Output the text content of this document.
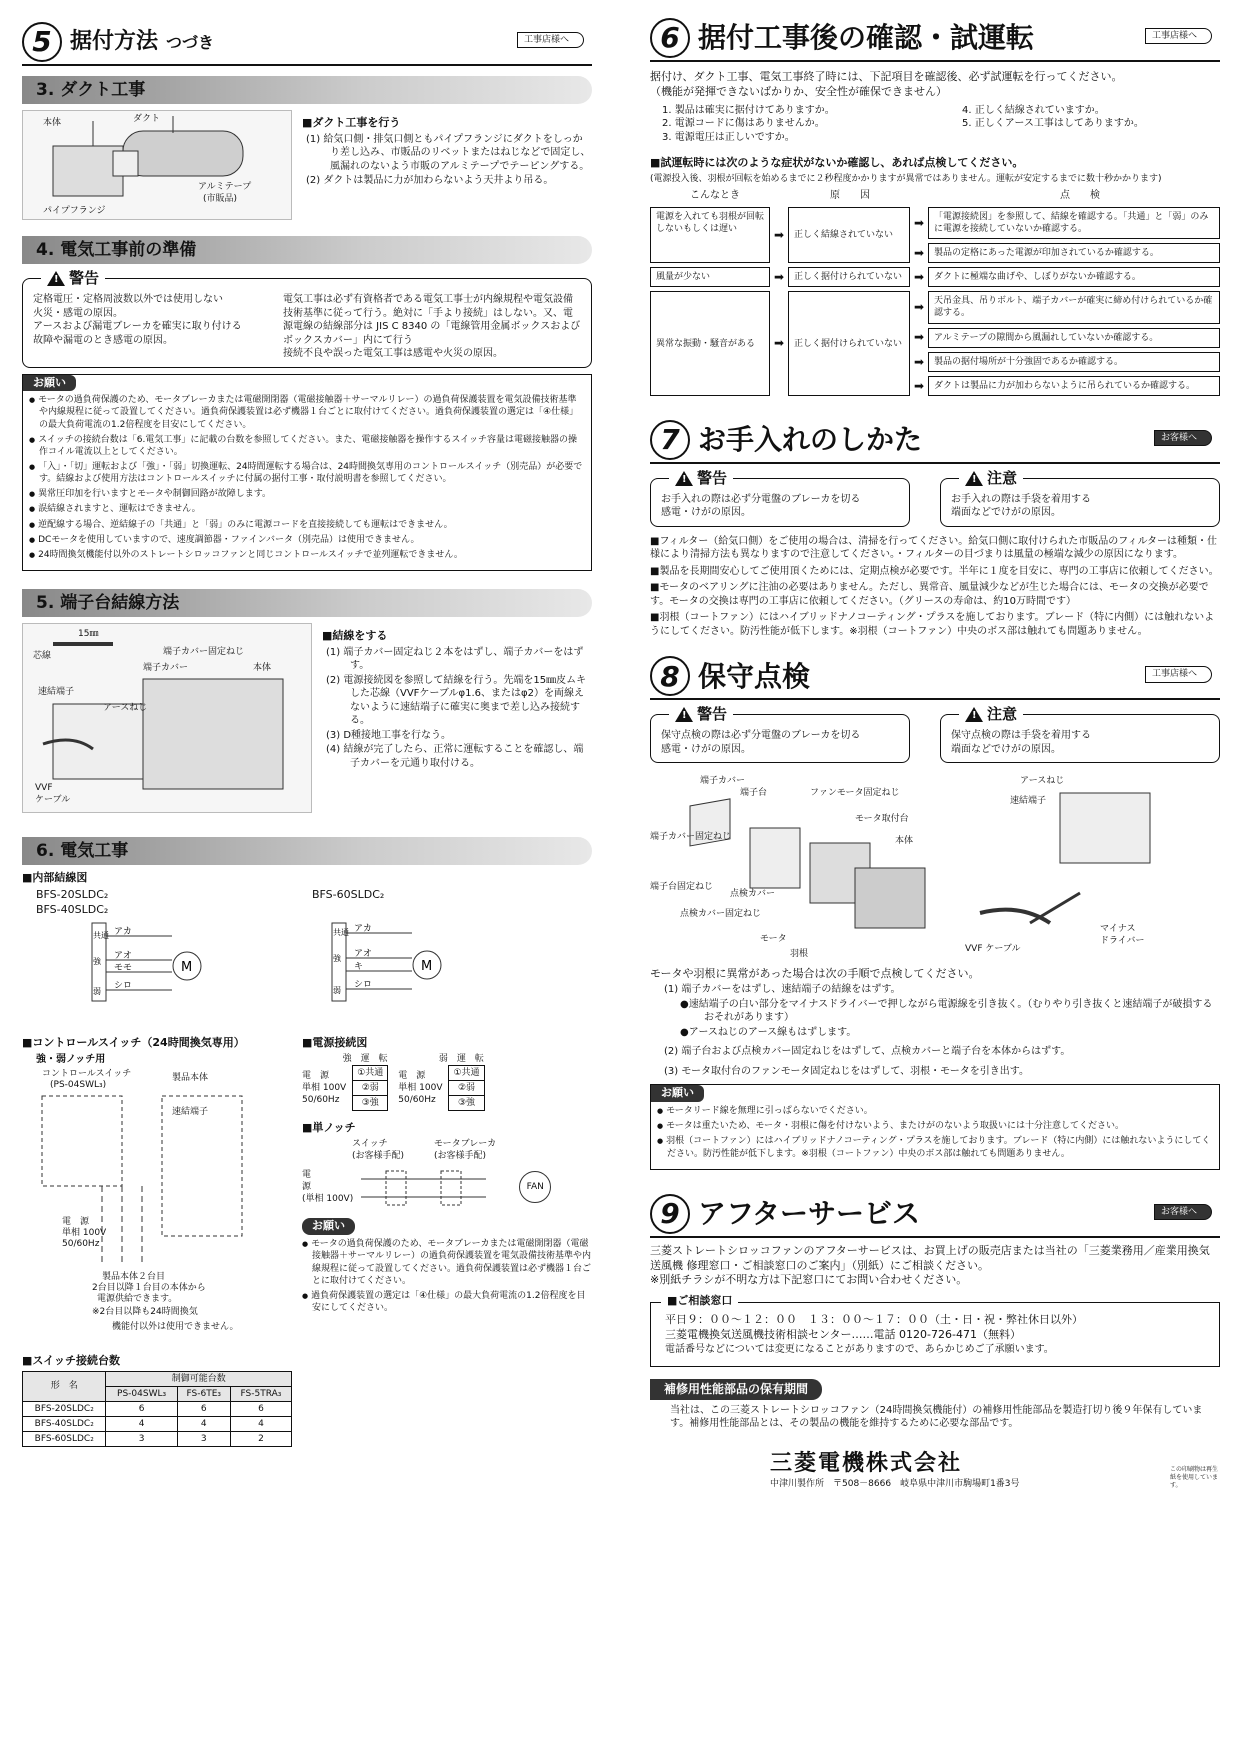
5 据付方法 つづき	工事店様へ
3. ダクト工事
本体	ダクト
アルミテープ
(市販品)
パイプフランジ
■ダクト工事を行う
(1) 給気口側・排気口側ともパイプフランジにダクトをしっかり差し込み、市販品のリベットまたはねじなどで固定し、風漏れのないよう市販のアルミテープでテーピングする。
(2) ダクトは製品に力が加わらないよう天井より吊る。
4. 電気工事前の準備
!
警告
定格電圧・定格周波数以外では使用しない
火災・感電の原因。
アースおよび漏電ブレーカを確実に取り付ける
故障や漏電のとき感電の原因。
電気工事は必ず有資格者である電気工事士が内線規程や電気設備技術基準に従って行う。絶対に「手より接続」はしない。又、電源電線の結線部分は JIS C 8340 の「電線管用金属ボックスおよびボックスカバー」内にて行う
接続不良や誤った電気工事は感電や火災の原因。
お願い
● モータの過負荷保護のため、モータブレーカまたは電磁開閉器（電磁接触器＋サーマルリレー）の過負荷保護装置を電気設備技術基準や内線規程に従って設置してください。過負荷保護装置は必ず機器１台ごとに取付けてください。過負荷保護装置の選定は「④仕様」の最大負荷電流の1.2倍程度を目安にしてください。
● スイッチの接続台数は「6.電気工事」に記載の台数を参照してください。また、電磁接触器を操作するスイッチ容量は電磁接触器の操作コイル電流以上としてください。
● 「入」・「切」運転および「強」・「弱」切換運転、24時間運転する場合は、24時間換気専用のコントロールスイッチ（別売品）が必要です。結線および使用方法はコントロールスイッチに付属の据付工事・取付説明書を参照してください。
● 異常圧印加を行いますとモータや制御回路が故障します。
● 誤結線されますと、運転はできません。
● 逆配線する場合、逆結線子の「共通」と「弱」のみに電源コードを直接接続しても運転はできません。
● DCモータを使用していますので、速度調節器・ファインバータ（別売品）は使用できません。
● 24時間換気機能付以外のストレートシロッコファンと同じコントロールスイッチで並列運転できません。
5. 端子台結線方法
15㎜
芯線	端子カバー固定ねじ
端子カバー	本体
速結端子
アースねじ
VVF
ケーブル
■結線をする
(1) 端子カバー固定ねじ２本をはずし、端子カバーをはずす。
(2) 電源接続図を参照して結線を行う。先端を15㎜皮ムキした芯線（VVFケーブルφ1.6、またはφ2）を両線えないように速結端子に確実に奥まで差し込み接続する。
(3) D種接地工事を行なう。
(4) 結線が完了したら、正常に運転することを確認し、端子カバーを元通り取付ける。
6. 電気工事
■内部結線図
BFS-20SLDC₂
BFS-40SLDC₂
共通
強
弱
アカ
アオ
モモ
シロ
M
BFS-60SLDC₂
共通
強
弱
アカ
アオ
キ
シロ
M
■コントロールスイッチ（24時間換気専用）
強・弱ノッチ用
コントロールスイッチ
(PS-04SWL₃)
製品本体
速結端子
電　源
単相 100V
50/60Hz
製品本体２台目
2台目以降１台目の本体から
電源供給できます。
※2台目以降も24時間換気
機能付以外は使用できません。
■電源接続図
強　運　転
電　源
単相 100V
50/60Hz
①共通
②弱
③強
弱　運　転
電　源
単相 100V
50/60Hz
①共通
②弱
③強
■単ノッチ
スイッチ
(お客様手配)
モータブレーカ
(お客様手配)
電
源
(単相 100V)
FAN
お願い
● モータの過負荷保護のため、モータブレーカまたは電磁開閉器（電磁接触器＋サーマルリレー）の過負荷保護装置を電気設備技術基準や内線規程に従って設置してください。過負荷保護装置は必ず機器１台ごとに取付けてください。
● 過負荷保護装置の選定は「④仕様」の最大負荷電流の1.2倍程度を目安にしてください。
■スイッチ接続台数
形　名	制御可能台数		
	PS-04SWL₃	FS-6TE₃	FS-5TRA₃
BFS-20SLDC₂	6	6	6
BFS-40SLDC₂	4	4	4
BFS-60SLDC₂	3	3	2
6 据付工事後の確認・試運転	工事店様へ
据付け、ダクト工事、電気工事終了時には、下記項目を確認後、必ず試運転を行ってください。
（機能が発揮できないばかりか、安全性が確保できません）
1. 製品は確実に据付けてありますか。	4. 正しく結線されていますか。
2. 電源コードに傷はありませんか。	5. 正しくアース工事はしてありますか。
3. 電源電圧は正しいですか。
■試運転時には次のような症状がないか確認し、あれば点検してください。
(電源投入後、羽根が回転を始めるまでに２秒程度かかりますが異常ではありません。運転が安定するまでに数十秒かかります)
こんなとき	原　　因	点　　検
電源を入れても羽根が回転しないもしくは遅い	➡	正しく結線されていない
➡	「電源接続図」を参照して、結線を確認する。「共通」と「弱」のみに電源を接続していないか確認する。
➡	製品の定格にあった電源が印加されているか確認する。
風量が少ない	➡	正しく据付けられていない ➡	ダクトに極端な曲げや、しぼりがないか確認する。
異常な振動・騒音がある	➡	正しく据付けられていない
➡	天吊金具、吊りボルト、端子カバーが確実に締め付けられているか確認する。
➡	アルミテープの隙間から風漏れしていないか確認する。
➡	製品の据付場所が十分強固であるか確認する。
➡	ダクトは製品に力が加わらないように吊られているか確認する。
7 お手入れのしかた	お客様へ
!
警告
お手入れの際は必ず分電盤のブレーカを切る
感電・けがの原因。
!
注意
お手入れの際は手袋を着用する
端面などでけがの原因。
■フィルター（給気口側）をご使用の場合は、清掃を行ってください。給気口側に取付けられた市販品のフィルターは種類・仕様により清掃方法も異なりますので注意してください。・フィルターの目づまりは風量の極端な減少の原因になります。
■製品を長期間安心してご使用頂くためには、定期点検が必要です。半年に１度を目安に、専門の工事店に依頼してください。
■モータのベアリングに注油の必要はありません。ただし、異常音、風量減少などが生じた場合には、モータの交換が必要です。モータの交換は専門の工事店に依頼してください。（グリースの寿命は、約10万時間です）
■羽根（コートファン）にはハイブリッドナノコーティング・プラスを施しております。ブレード（特に内側）には触れないようにしてください。防汚性能が低下します。※羽根（コートファン）中央のボス部は触れても問題ありません。
8 保守点検	工事店様へ
!
警告
保守点検の際は必ず分電盤のブレーカを切る
感電・けがの原因。
!
注意
保守点検の際は手袋を着用する
端面などでけがの原因。
端子カバー
端子台
端子カバー固定ねじ
端子台固定ねじ
ファンモータ固定ねじ
モータ取付台
本体
点検カバー
点検カバー固定ねじ
モータ
羽根
アースねじ
速結端子
VVF ケーブル
マイナス
ドライバー
モータや羽根に異常があった場合は次の手順で点検してください。
(1) 端子カバーをはずし、速結端子の結線をはずす。
●速結端子の白い部分をマイナスドライバーで押しながら電源線を引き抜く。（むりやり引き抜くと速結端子が破損するおそれがあります）
●アースねじのアース線もはずします。
(2) 端子台および点検カバー固定ねじをはずして、点検カバーと端子台を本体からはずす。
(3) モータ取付台のファンモータ固定ねじをはずして、羽根・モータを引き出す。
お願い
● モータリード線を無理に引っぱらないでください。
● モータは重たいため、モータ・羽根に傷を付けないよう、またけがのないよう取扱いには十分注意してください。
● 羽根（コートファン）にはハイブリッドナノコーティング・プラスを施しております。ブレード（特に内側）には触れないようにしてください。防汚性能が低下します。※羽根（コートファン）中央のボス部は触れても問題ありません。
9 アフターサービス	お客様へ
三菱ストレートシロッコファンのアフターサービスは、お買上げの販売店または当社の「三菱業務用／産業用換気送風機 修理窓口・ご相談窓口のご案内」（別紙）にご相談ください。
※別紙チラシが不明な方は下記窓口にてお問い合わせください。
■ご相談窓口
平日９：００～１２：００　１３：００～１７：００（土・日・祝・弊社休日以外）
三菱電機換気送風機技術相談センター……電話 0120-726-471（無料）
電話番号などについては変更になることがありますので、あらかじめご了承願います。
補修用性能部品の保有期間
当社は、この三菱ストレートシロッコファン（24時間換気機能付）の補修用性能部品を製造打切り後９年保有しています。補修用性能部品とは、その製品の機能を維持するために必要な部品です。
三菱電機株式会社
中津川製作所　〒508－8666　岐阜県中津川市駒場町1番3号
この印刷物は再生紙を使用しています。
